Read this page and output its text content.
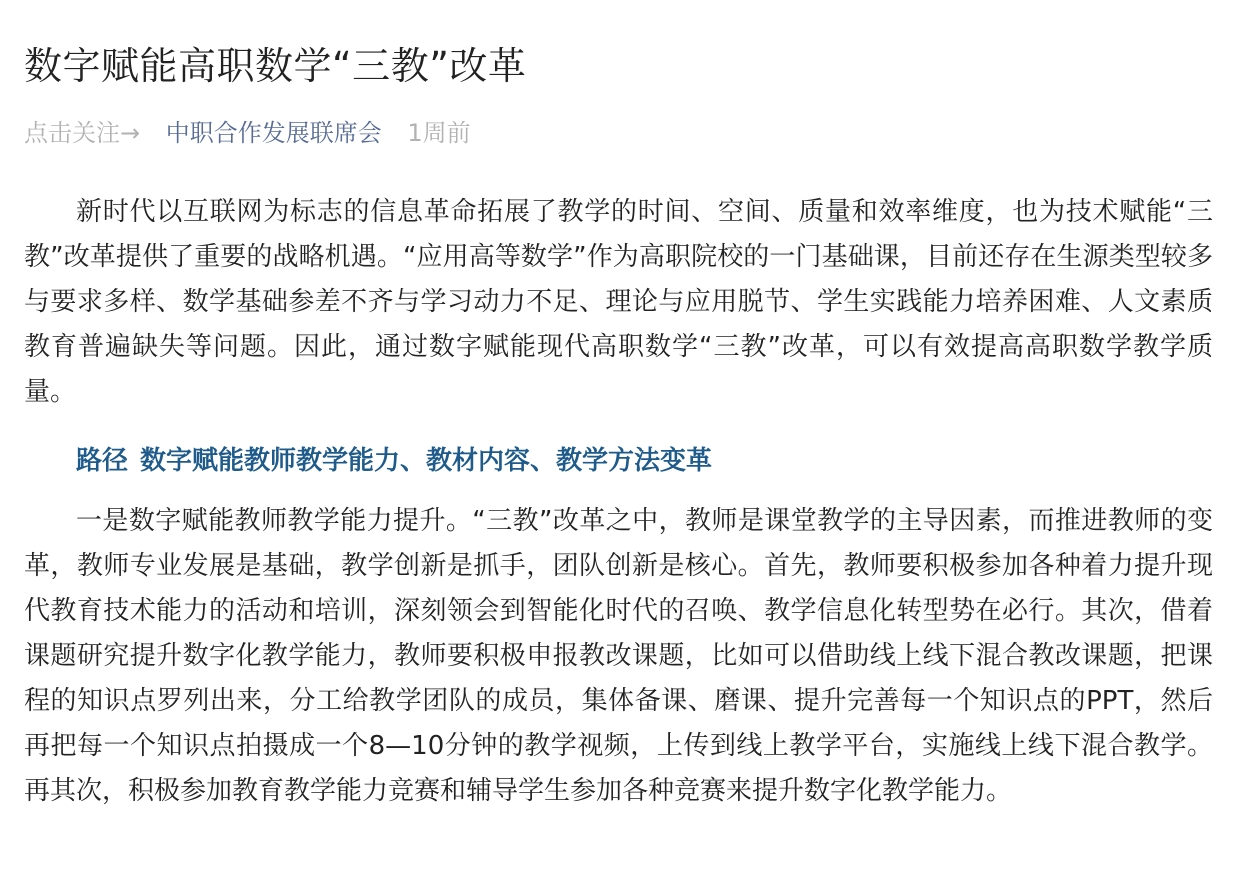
数字赋能高职数学“三教”改革
点击关注→ 中职合作发展联席会 1周前

新时代以互联网为标志的信息革命拓展了教学的时间、空间、质量和效率维度，也为技术赋能“三教”改革提供了重要的战略机遇。“应用高等数学”作为高职院校的一门基础课，目前还存在生源类型较多与要求多样、数学基础参差不齐与学习动力不足、理论与应用脱节、学生实践能力培养困难、人文素质教育普遍缺失等问题。因此，通过数字赋能现代高职数学“三教”改革，可以有效提高高职数学教学质量。

路径 数字赋能教师教学能力、教材内容、教学方法变革

一是数字赋能教师教学能力提升。“三教”改革之中，教师是课堂教学的主导因素，而推进教师的变革，教师专业发展是基础，教学创新是抓手，团队创新是核心。首先，教师要积极参加各种着力提升现代教育技术能力的活动和培训，深刻领会到智能化时代的召唤、教学信息化转型势在必行。其次，借着课题研究提升数字化教学能力，教师要积极申报教改课题，比如可以借助线上线下混合教改课题，把课程的知识点罗列出来，分工给教学团队的成员，集体备课、磨课、提升完善每一个知识点的PPT，然后再把每一个知识点拍摄成一个8—10分钟的教学视频，上传到线上教学平台，实施线上线下混合教学。再其次，积极参加教育教学能力竞赛和辅导学生参加各种竞赛来提升数字化教学能力。
